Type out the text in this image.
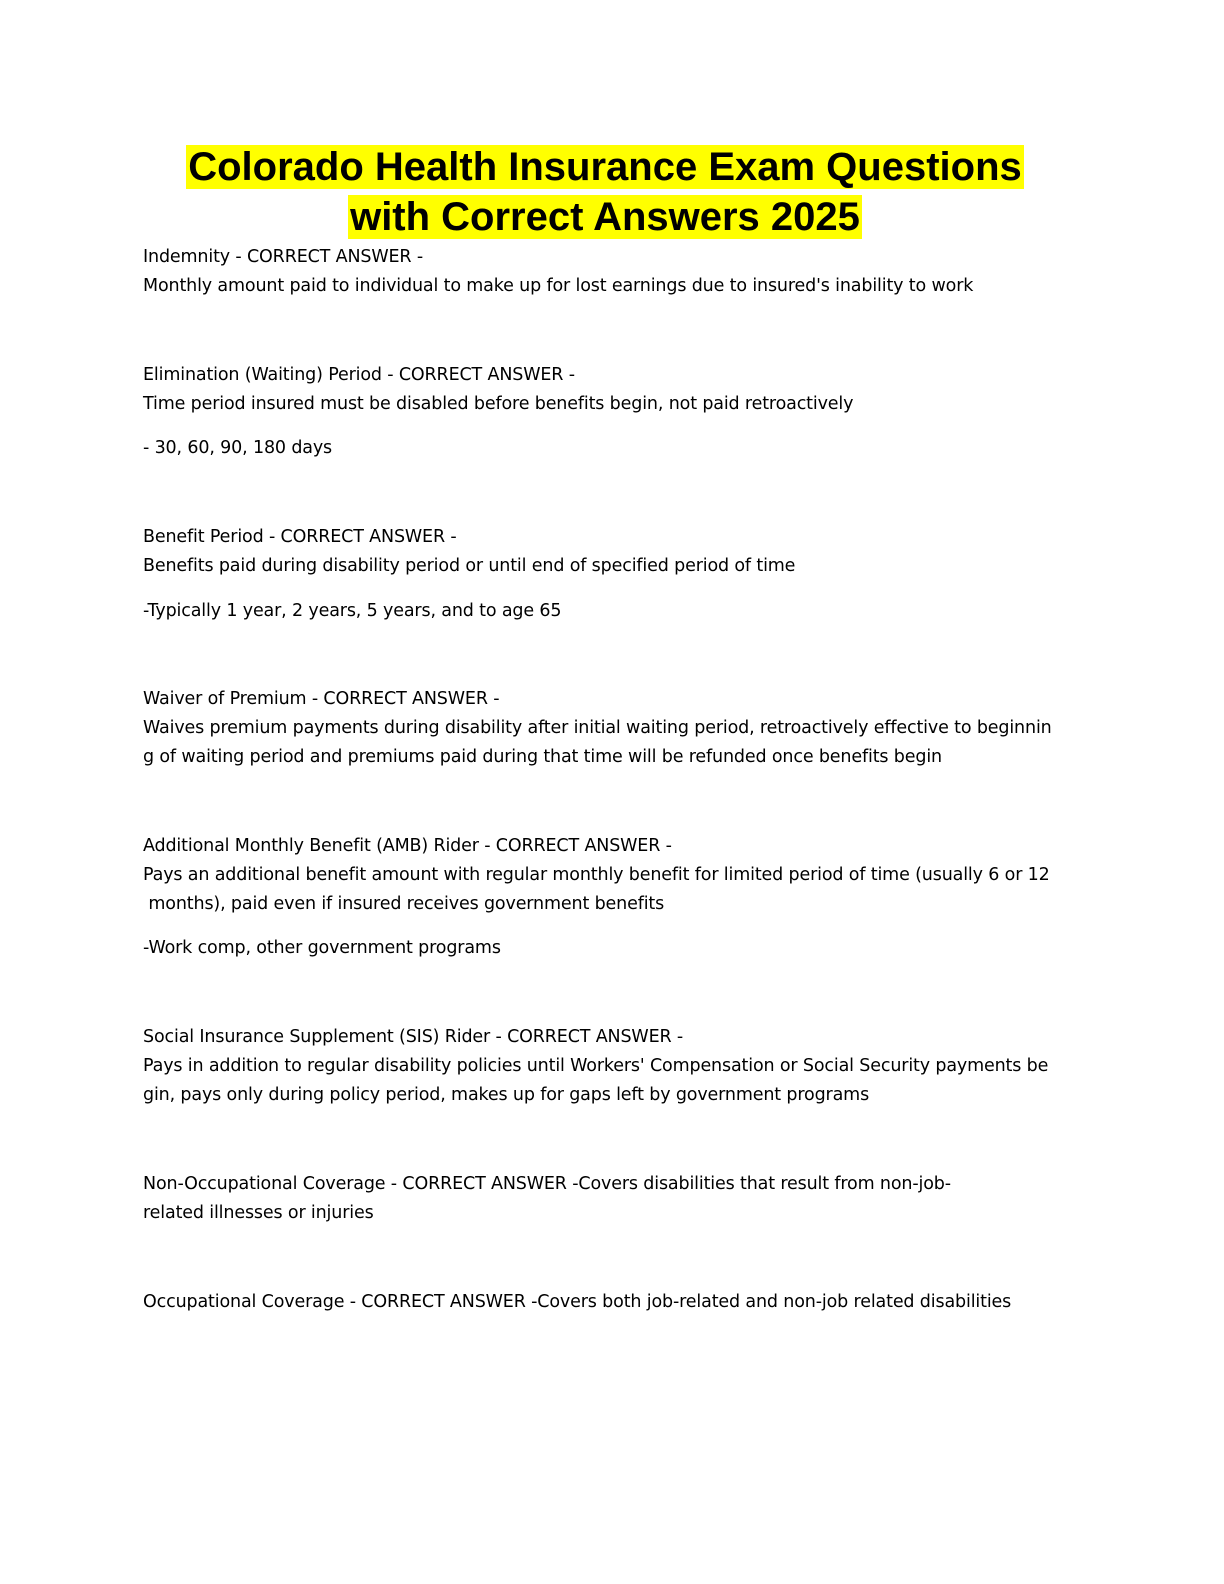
Colorado Health Insurance Exam Questions
with Correct Answers 2025

Indemnity - CORRECT ANSWER -

Monthly amount paid to individual to make up for lost earnings due to insured's inability to work

Elimination (Waiting) Period - CORRECT ANSWER -

Time period insured must be disabled before benefits begin, not paid retroactively

- 30, 60, 90, 180 days

Benefit Period - CORRECT ANSWER -

Benefits paid during disability period or until end of specified period of time

-Typically 1 year, 2 years, 5 years, and to age 65

Waiver of Premium - CORRECT ANSWER -

Waives premium payments during disability after initial waiting period, retroactively effective to beginnin

g of waiting period and premiums paid during that time will be refunded once benefits begin

Additional Monthly Benefit (AMB) Rider - CORRECT ANSWER -

Pays an additional benefit amount with regular monthly benefit for limited period of time (usually 6 or 12

months), paid even if insured receives government benefits

-Work comp, other government programs

Social Insurance Supplement (SIS) Rider - CORRECT ANSWER -

Pays in addition to regular disability policies until Workers' Compensation or Social Security payments be

gin, pays only during policy period, makes up for gaps left by government programs

Non-Occupational Coverage - CORRECT ANSWER -Covers disabilities that result from non-job-

related illnesses or injuries

Occupational Coverage - CORRECT ANSWER -Covers both job-related and non-job related disabilities
